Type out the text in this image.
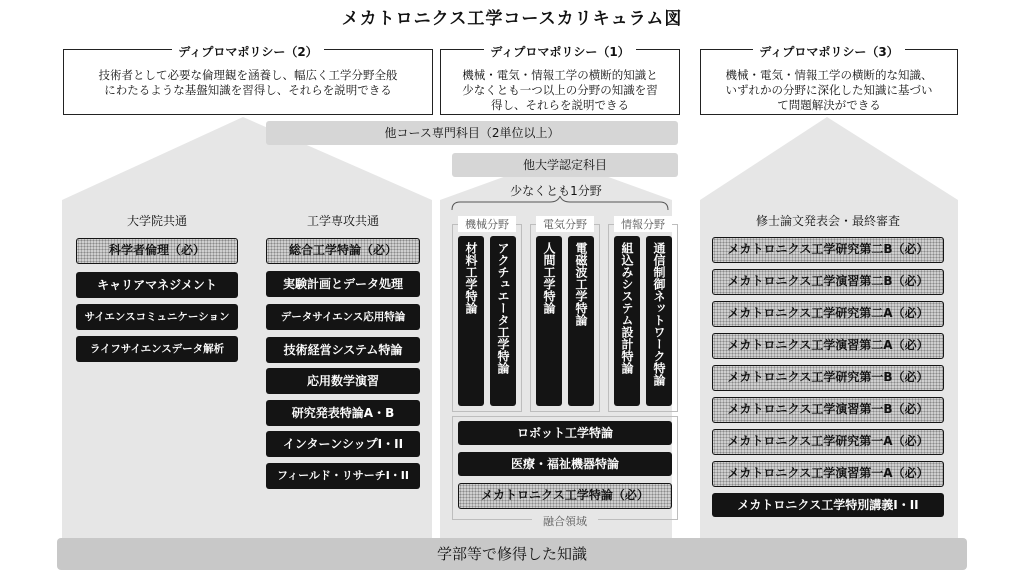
メカトロニクス工学コースカリキュラム図
ディプロマポリシー（2）
技術者として必要な倫理観を涵養し、幅広く工学分野全般
にわたるような基盤知識を習得し、それらを説明できる
ディプロマポリシー（1）
機械・電気・情報工学の横断的知識と
少なくとも一つ以上の分野の知識を習
得し、それらを説明できる
ディプロマポリシー（3）
機械・電気・情報工学の横断的な知識、
いずれかの分野に深化した知識に基づい
て問題解決ができる
他コース専門科目（2単位以上）
他大学認定科目
少なくとも1分野
大学院共通
科学者倫理（必）
キャリアマネジメント
サイエンスコミュニケーション
ライフサイエンスデータ解析
工学専攻共通
総合工学特論（必）
実験計画とデータ処理
データサイエンス応用特論
技術経営システム特論
応用数学演習
研究発表特論A・B
インターンシップI・II
フィールド・リサーチI・II
機械分野	電気分野	情報分野
材料工学特論	アクチュエータ工学特論	人間工学特論	電磁波工学特論	組込みシステム設計特論	通信制御ネットワーク特論
ロボット工学特論
医療・福祉機器特論
メカトロニクス工学特論（必）
融合領域
修士論文発表会・最終審査
メカトロニクス工学研究第二B（必）
メカトロニクス工学演習第二B（必）
メカトロニクス工学研究第二A（必）
メカトロニクス工学演習第二A（必）
メカトロニクス工学研究第一B（必）
メカトロニクス工学演習第一B（必）
メカトロニクス工学研究第一A（必）
メカトロニクス工学演習第一A（必）
メカトロニクス工学特別講義I・II
学部等で修得した知識
